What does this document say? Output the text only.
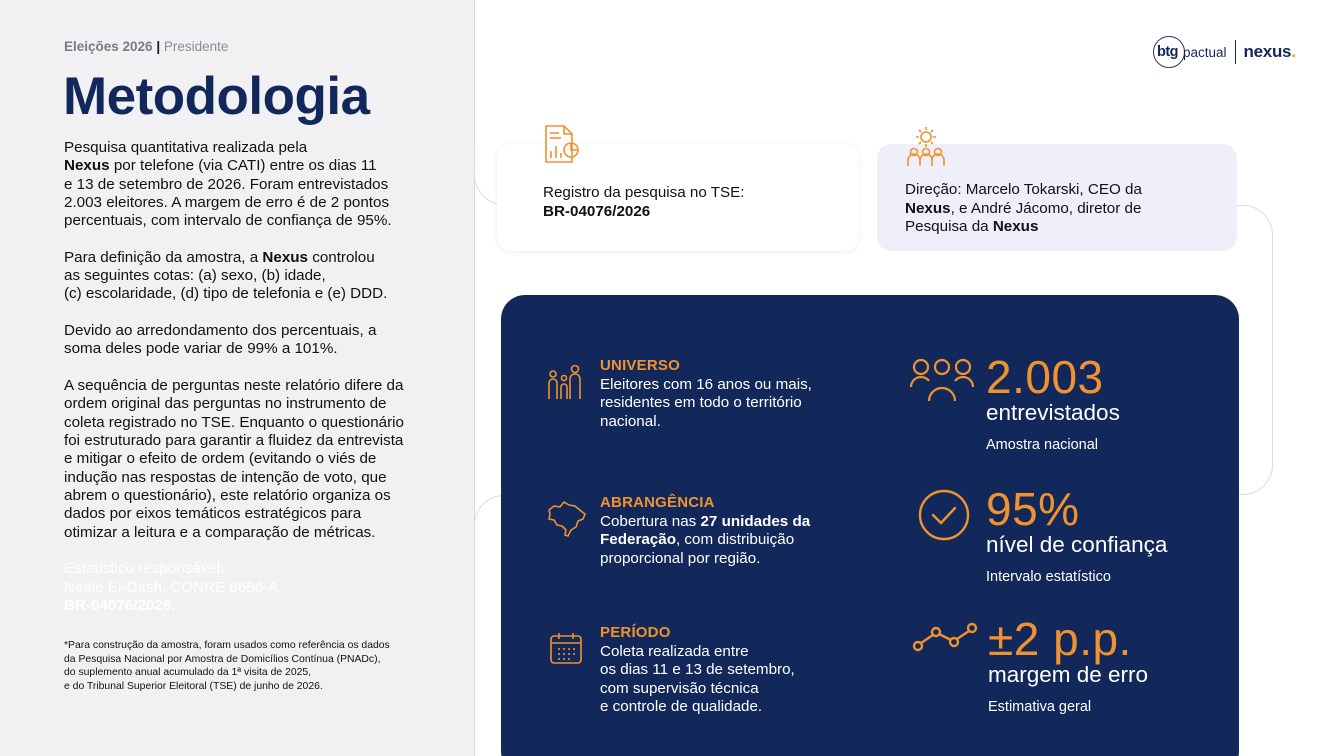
Eleições 2026 | Presidente
Metodologia

Pesquisa quantitativa realizada pela
Nexus por telefone (via CATI) entre os dias 11
e 13 de setembro de 2026. Foram entrevistados
2.003 eleitores. A margem de erro é de 2 pontos
percentuais, com intervalo de confiança de 95%.

Para definição da amostra, a Nexus controlou
as seguintes cotas: (a) sexo, (b) idade,
(c) escolaridade, (d) tipo de telefonia e (e) DDD.

Devido ao arredondamento dos percentuais, a
soma deles pode variar de 99% a 101%.

A sequência de perguntas neste relatório difere da
ordem original das perguntas no instrumento de
coleta registrado no TSE. Enquanto o questionário
foi estruturado para garantir a fluidez da entrevista
e mitigar o efeito de ordem (evitando o viés de
indução nas respostas de intenção de voto, que
abrem o questionário), este relatório organiza os
dados por eixos temáticos estratégicos para
otimizar a leitura e a comparação de métricas.

Estatístico responsável:
Neale El-Dash, CONRE 8656-A.
BR-04076/2026.

*Para construção da amostra, foram usados como referência os dados
da Pesquisa Nacional por Amostra de Domicílios Contínua (PNADc),
do suplemento anual acumulado da 1ª visita de 2025,
e do Tribunal Superior Eleitoral (TSE) de junho de 2026.
btg pactual nexus.
Registro da pesquisa no TSE:
BR-04076/2026
Direção: Marcelo Tokarski, CEO da
Nexus, e André Jácomo, diretor de
Pesquisa da Nexus
UNIVERSO
Eleitores com 16 anos ou mais,
residentes em todo o território
nacional.
ABRANGÊNCIA
Cobertura nas 27 unidades da
Federação, com distribuição
proporcional por região.
PERÍODO
Coleta realizada entre
os dias 11 e 13 de setembro,
com supervisão técnica
e controle de qualidade.
2.003
entrevistados
Amostra nacional
95%
nível de confiança
Intervalo estatístico
±2 p.p.
margem de erro
Estimativa geral
